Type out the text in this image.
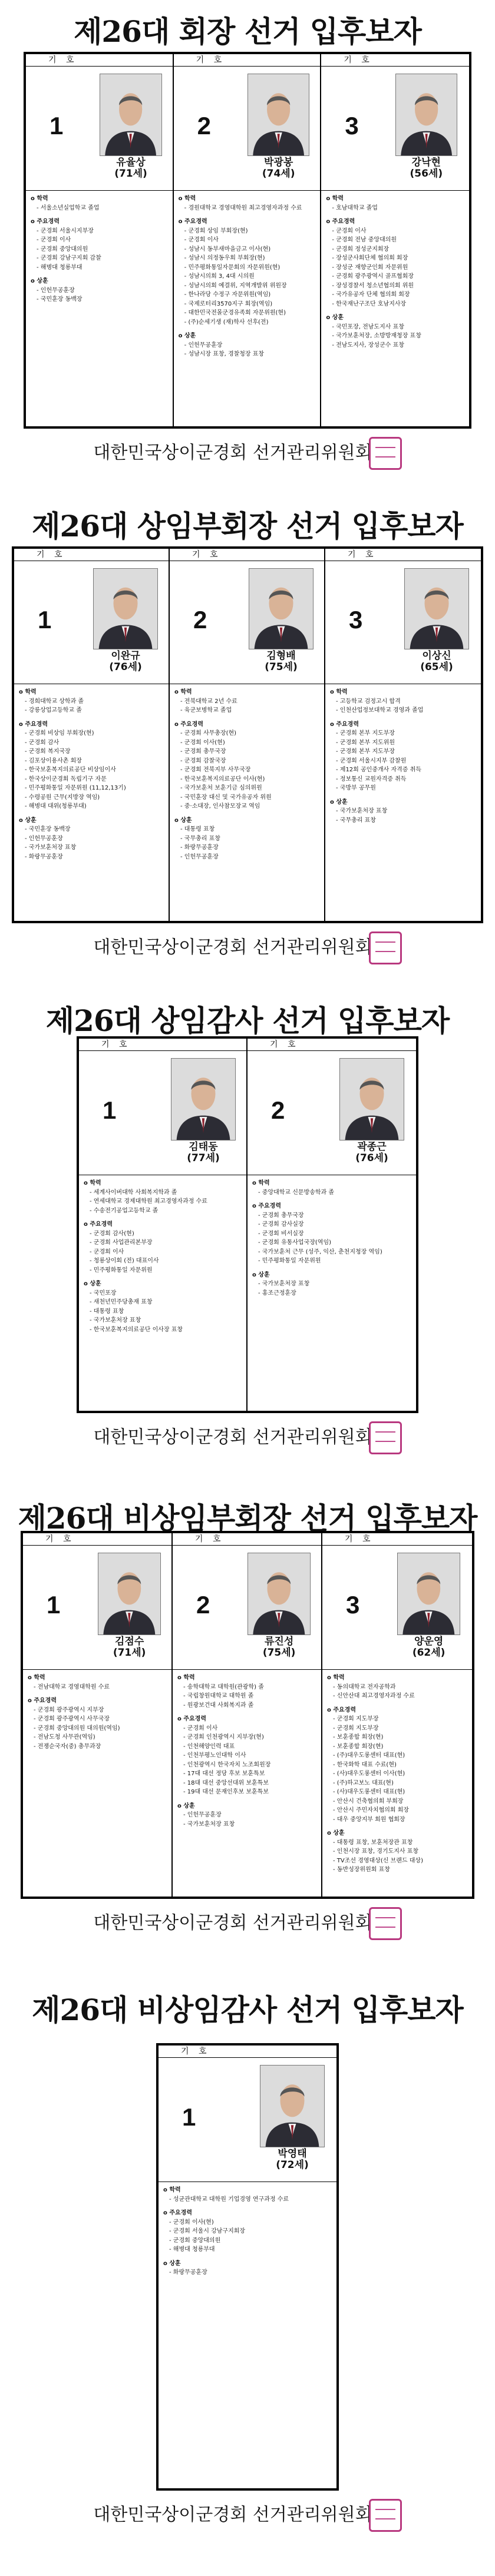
제26대 회장 선거 입후보자
기 호
1
유율상
(71세)
o 학력
- 서울소년실업학교 졸업
o 주요경력
- 군경회 서울시지부장
- 군경회 이사
- 군경회 중앙대의원
- 군경회 강남구지회 감찰
- 해병대 청룡부대
o 상훈
- 인헌무공훈장
- 국민훈장 동백장
기 호
2
박광봉
(74세)
o 학력
- 경원대학교 경영대학원 최고경영자과정 수료
o 주요경력
- 군경회 상임 부회장(현)
- 군경회 이사
- 성남시 동부새마을금고 이사(현)
- 성남시 의정동우회 부회장(현)
- 민주평화통일자문회의 자문위원(현)
- 성남시의회 3, 4대 시의원
- 성남시의회 예결위, 지역개발위 위원장
- 한나라당 수정구 자문위원(역임)
- 국제로터리3570지구 회장(역임)
- 대한민국전몰군경유족회 자문위원(현)
- (주)순세기생 (재)학사 선후(전)
o 상훈
- 인헌무공훈장
- 성남시장 표창, 경찰청장 표창
기 호
3
강낙현
(56세)
o 학력
- 호남대학교 졸업
o 주요경력
- 군경회 이사
- 군경회 전남 중앙대의원
- 군경회 정성군지회장
- 장성군사회단체 협의회 회장
- 장성군 재향군인회 자문위원
- 군경회 광주광역시 골프협회장
- 장성경찰서 청소년협의회 위원
- 국가유공자 단체 협의회 회장
- 한국재난구조단 호남지사장
o 상훈
- 국민포장, 전남도지사 표창
- 국가보훈처장, 소방방재청장 표창
- 전남도지사, 장성군수 표창
대한민국상이군경회 선거관리위원회
제26대 상임부회장 선거 입후보자
기 호
1
이완규
(76세)
o 학력
- 경희대학교 상학과 졸
- 강릉상업고등학교 졸
o 주요경력
- 군경회 비상임 부회장(현)
- 군경회 감사
- 군경회 복지국장
- 김포상이용사촌 회장
- 한국보훈복지의료공단 비상임이사
- 한국상이군경회 독립기구 자문
- 민주평화통일 자문위원 (11,12,13기)
- 수령공원 근무(지방장 역임)
- 해병대 대위(청룡부대)
o 상훈
- 국민훈장 동백장
- 인헌무공훈장
- 국가보훈처장 표창
- 화랑무공훈장
기 호
2
김형배
(75세)
o 학력
- 전북대학교 2년 수료
- 육군보병학교 졸업
o 주요경력
- 군경회 사무총장(현)
- 군경회 이사(현)
- 군경회 총무국장
- 군경회 감찰국장
- 군경회 전북지부 사무국장
- 한국보훈복지의료공단 이사(현)
- 국가보훈처 보훈기금 심의위원
- 국민훈장 대신 및 국가유공자 위원
- 중·소대장, 인사참모장교 역임
o 상훈
- 대통령 표창
- 국무총리 표창
- 화랑무공훈장
- 인헌무공훈장
기 호
3
이상신
(65세)
o 학력
- 고등학교 검정고시 합격
- 인천산업정보대학교 경영과 졸업
o 주요경력
- 군경회 본부 지도부장
- 군경회 본부 지도위원
- 군경회 본부 지도부장
- 군경회 서울시지부 감찰원
- 제12회 공인중개사 자격증 취득
- 정보통신 교원자격증 취득
- 국방부 공무원
o 상훈
- 국가보훈처장 표창
- 국무총리 표창
대한민국상이군경회 선거관리위원회
제26대 상임감사 선거 입후보자
기 호
1
김태동
(77세)
o 학력
- 세계사이버대학 사회복지학과 졸
- 연세대학교 경제대학원 최고경영자과정 수료
- 수송전기공업고등학교 졸
o 주요경력
- 군경회 감사(현)
- 군경회 사업관리본부장
- 군경회 이사
- 청룡상이회 (전) 대표이사
- 민주평화통일 자문위원
o 상훈
- 국민포장
- 새천년민주당총재 표창
- 대통령 표창
- 국가보훈처장 표창
- 한국보훈복지의료공단 이사장 표창
기 호
2
곽종근
(76세)
o 학력
- 중앙대학교 신문방송학과 졸
o 주요경력
- 군경회 총무국장
- 군경회 감사실장
- 군경회 비서실장
- 군경회 유통사업국장(역임)
- 국가보훈처 근무 (성주, 익산, 춘천지청장 역임)
- 민주평화통일 자문위원
o 상훈
- 국가보훈처장 표창
- 홍조근정훈장
대한민국상이군경회 선거관리위원회
제26대 비상임부회장 선거 입후보자
기 호
1
김점수
(71세)
o 학력
- 전남대학교 경영대학원 수료
o 주요경력
- 군경회 광주광역시 지부장
- 군경회 광주광역시 사무국장
- 군경회 중앙대의원 대의원(역임)
- 전남도청 사무관(역임)
- 전쟁순국자(중) 총무과장
기 호
2
류진성
(75세)
o 학력
- 송학대학교 대학원(관광학) 졸
- 국립창원대학교 대학원 졸
- 원광보건대 사회복지과 졸
o 주요경력
- 군경회 이사
- 군경회 인천광역시 지부장(현)
- 인천해양인력 대표
- 인천부평노인대학 이사
- 인천광역시 한국자치 노조회원장
- 17대 대선 정당 후보 보훈특보
- 18대 대선 중앙선대위 보훈특보
- 19대 대선 문재인후보 보훈특보
o 상훈
- 인헌무공훈장
- 국가보훈처장 표창
기 호
3
양운영
(62세)
o 학력
- 동의대학교 전자공학과
- 신안산대 최고경영자과정 수료
o 주요경력
- 군경회 지도부장
- 군경회 지도부장
- 보훈종합 회장(현)
- 보훈종합 회장(현)
- (주)대우도롱센터 대표(현)
- 한국화학 대표 수료(현)
- (사)대우도롱센터 이사(현)
- (주)하고보노 대표(현)
- (사)대우도롱센터 대표(현)
- 안산시 건축협의회 부회장
- 안산시 주민자치협의회 회장
- 대우 중앙지부 회원 협회장
o 상훈
- 대통령 표창, 보훈처장관 표창
- 인천시장 표창, 경기도지사 표창
- TV조선 경영대상(신 브랜드 대상)
- 동반성장위원회 표창
대한민국상이군경회 선거관리위원회
제26대 비상임감사 선거 입후보자
기 호
1
박영태
(72세)
o 학력
- 성균관대학교 대학원 기업경영 연구과정 수료
o 주요경력
- 군경회 이사(현)
- 군경회 서울시 강남구지회장
- 군경회 중앙대의원
- 해병대 청룡부대
o 상훈
- 화랑무공훈장
대한민국상이군경회 선거관리위원회
